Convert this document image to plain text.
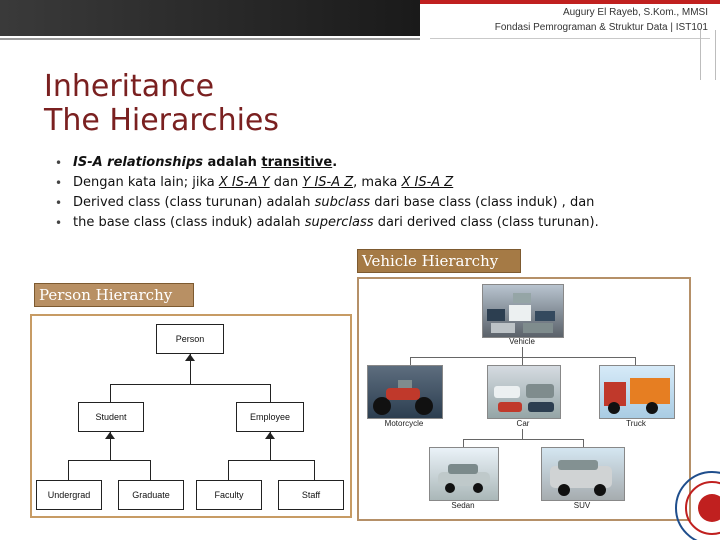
Augury El Rayeb, S.Kom., MMSI
Fondasi Pemrograman & Struktur Data | IST101
Inheritance
The Hierarchies
• IS-A relationships adalah transitive.
• Dengan kata lain; jika X IS-A Y dan Y IS-A Z, maka X IS-A Z
• Derived class (class turunan) adalah subclass dari base class (class induk) , dan
• the base class (class induk) adalah superclass dari derived class (class turunan).
Vehicle Hierarchy
Person Hierarchy
Person
Student	Employee
Undergrad	Graduate	Faculty	Staff
Vehicle
Motorcycle	Car	Truck
Sedan	SUV
